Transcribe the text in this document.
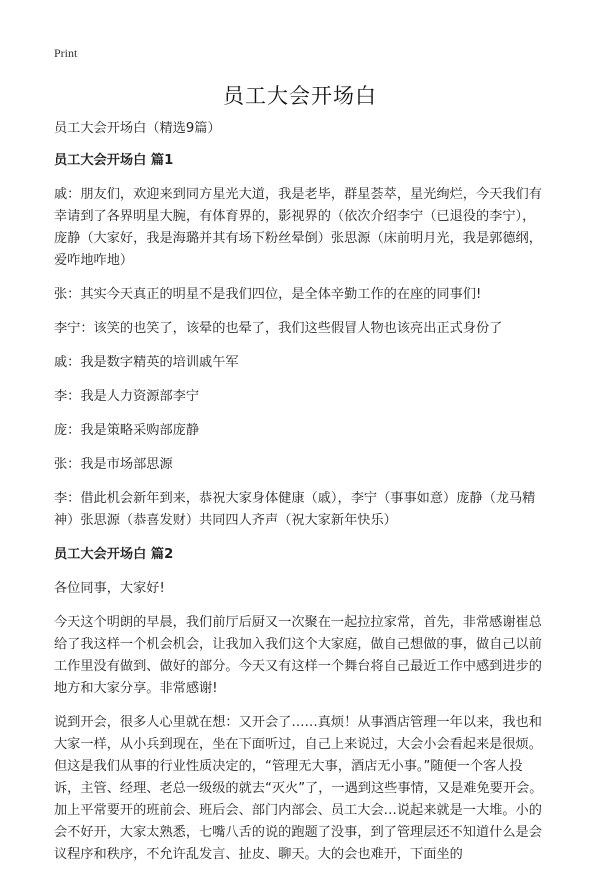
Print
员工大会开场白

员工大会开场白（精选9篇）

员工大会开场白 篇1

戚：朋友们，欢迎来到同方星光大道，我是老毕，群星荟萃，星光绚烂，今天我们有幸请到了各界明星大腕，有体育界的，影视界的（依次介绍李宁（已退役的李宁），庞静（大家好，我是海璐并其有场下粉丝晕倒）张思源（床前明月光，我是郭德纲，爱咋地咋地）

张：其实今天真正的明星不是我们四位，是全体辛勤工作的在座的同事们!

李宁：该笑的也笑了，该晕的也晕了，我们这些假冒人物也该亮出正式身份了

戚：我是数字精英的培训戚午军

李：我是人力资源部李宁

庞：我是策略采购部庞静

张：我是市场部思源

李：借此机会新年到来，恭祝大家身体健康（戚），李宁（事事如意）庞静（龙马精神）张思源（恭喜发财）共同四人齐声（祝大家新年快乐）

员工大会开场白 篇2

各位同事，大家好!

今天这个明朗的早晨，我们前厅后厨又一次聚在一起拉拉家常，首先，非常感谢崔总给了我这样一个机会机会，让我加入我们这个大家庭，做自己想做的事，做自己以前工作里没有做到、做好的部分。今天又有这样一个舞台将自己最近工作中感到进步的地方和大家分享。非常感谢!

说到开会，很多人心里就在想：又开会了……真烦！从事酒店管理一年以来，我也和大家一样，从小兵到现在，坐在下面听过，自己上来说过，大会小会看起来是很烦。但这是我们从事的行业性质决定的，“管理无大事，酒店无小事。”随便一个客人投诉，主管、经理、老总一级级的就去“灭火”了，一遇到这些事情，又是难免要开会。加上平常要开的班前会、班后会、部门内部会、员工大会…说起来就是一大堆。小的会不好开，大家太熟悉，七嘴八舌的说的跑题了没事，到了管理层还不知道什么是会议程序和秩序，不允许乱发言、扯皮、聊天。大的会也难开，下面坐的
